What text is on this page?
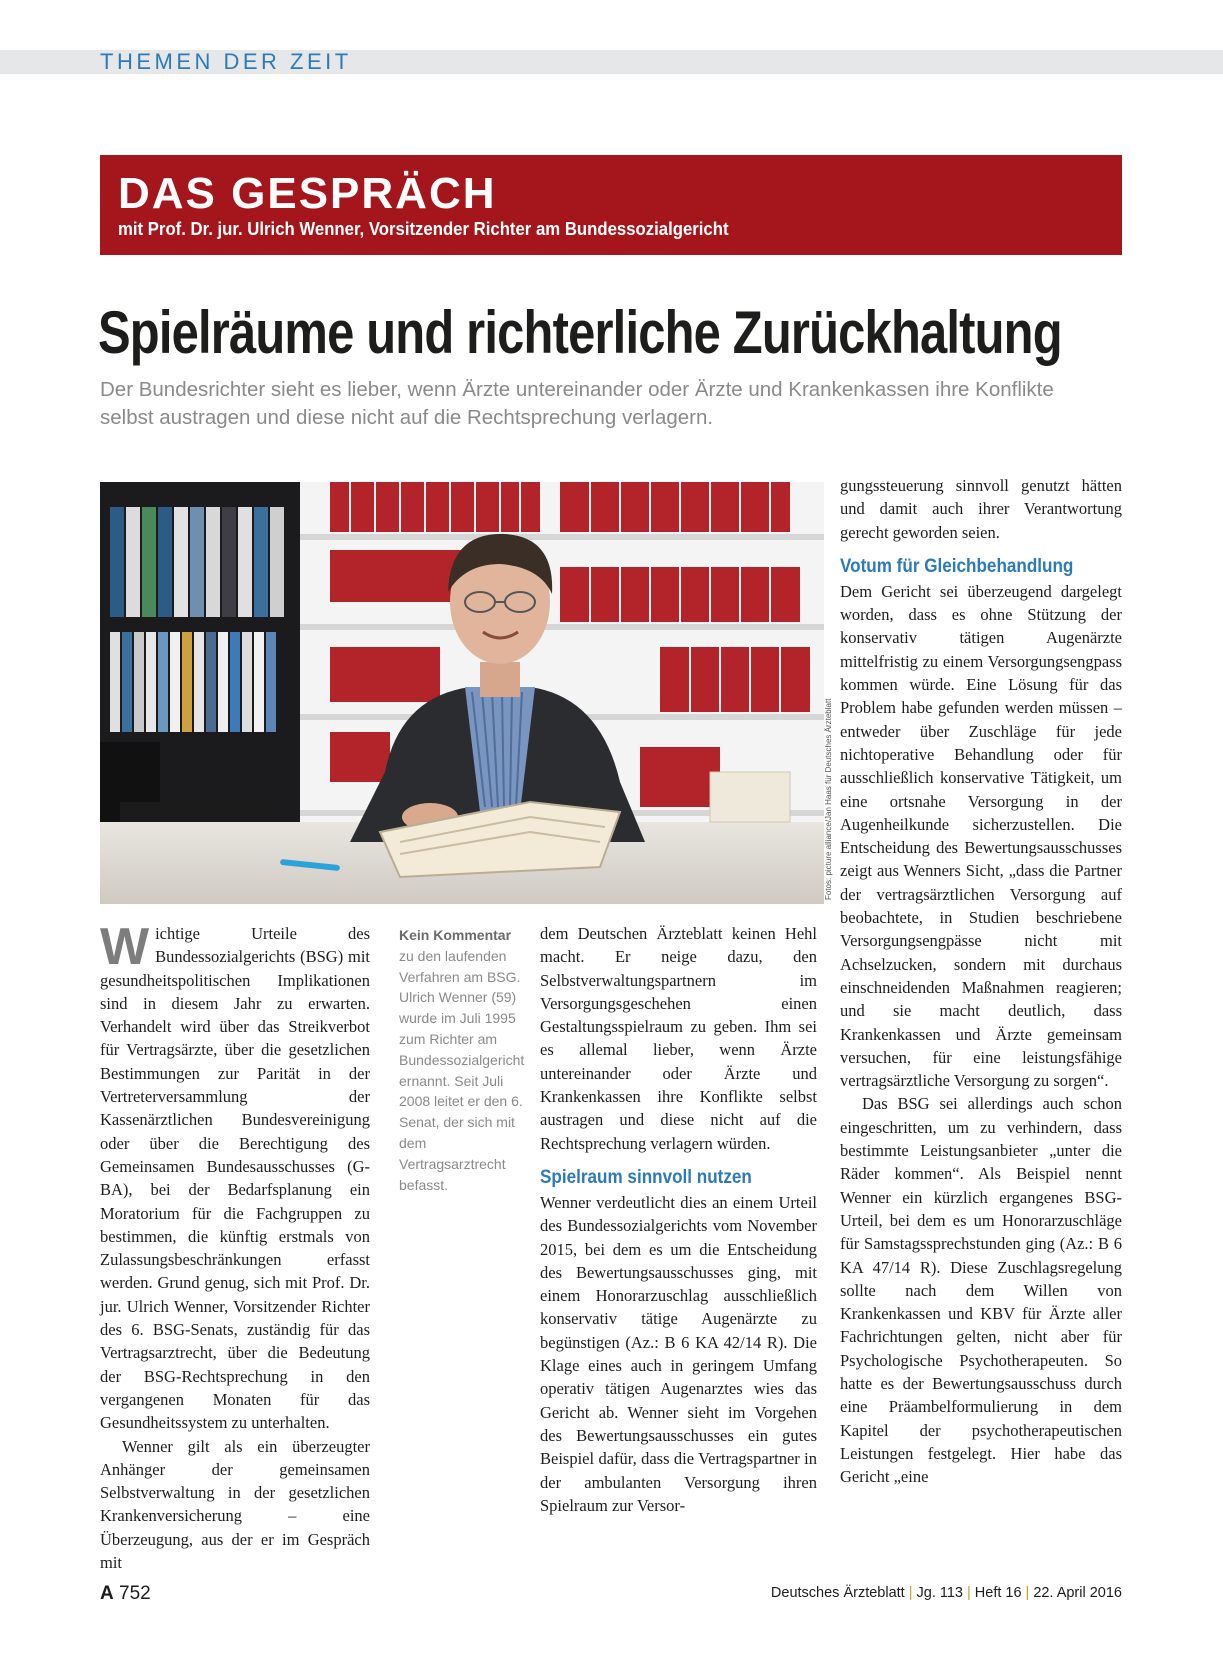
THEMEN DER ZEIT
DAS GESPRÄCH
mit Prof. Dr. jur. Ulrich Wenner, Vorsitzender Richter am Bundessozialgericht
Spielräume und richterliche Zurückhaltung
Der Bundesrichter sieht es lieber, wenn Ärzte untereinander oder Ärzte und Krankenkassen ihre Konflikte selbst austragen und diese nicht auf die Rechtsprechung verlagern.
Fotos: picture alliance/Jan Haas für Deutsches Ärzteblatt

W ichtige Urteile des Bundessozialgerichts (BSG) mit gesundheitspolitischen Implikationen sind in diesem Jahr zu erwarten. Verhandelt wird über das Streikverbot für Vertragsärzte, über die gesetzlichen Bestimmungen zur Parität in der Vertreterversammlung der Kassenärztlichen Bundesvereinigung oder über die Berechtigung des Gemeinsamen Bundesausschusses (G-BA), bei der Bedarfsplanung ein Moratorium für die Fachgruppen zu bestimmen, die künftig erstmals von Zulassungsbeschränkungen erfasst werden. Grund genug, sich mit Prof. Dr. jur. Ulrich Wenner, Vorsitzender Richter des 6. BSG-Senats, zuständig für das Vertragsarztrecht, über die Bedeutung der BSG-Rechtsprechung in den vergangenen Monaten für das Gesundheitssystem zu unterhalten.

Wenner gilt als ein überzeugter Anhänger der gemeinsamen Selbstverwaltung in der gesetzlichen Krankenversicherung – eine Überzeugung, aus der er im Gespräch mit

Kein Kommentar
zu den laufenden Verfahren am BSG. Ulrich Wenner (59) wurde im Juli 1995 zum Richter am Bundessozialgericht ernannt. Seit Juli 2008 leitet er den 6. Senat, der sich mit dem Vertragsarztrecht befasst.

dem Deutschen Ärzteblatt keinen Hehl macht. Er neige dazu, den Selbstverwaltungspartnern im Versorgungsgeschehen einen Gestaltungsspielraum zu geben. Ihm sei es allemal lieber, wenn Ärzte untereinander oder Ärzte und Krankenkassen ihre Konflikte selbst austragen und diese nicht auf die Rechtsprechung verlagern würden.

Spielraum sinnvoll nutzen

Wenner verdeutlicht dies an einem Urteil des Bundessozialgerichts vom November 2015, bei dem es um die Entscheidung des Bewertungsausschusses ging, mit einem Honorarzuschlag ausschließlich konservativ tätige Augenärzte zu begünstigen (Az.: B 6 KA 42/14 R). Die Klage eines auch in geringem Umfang operativ tätigen Augenarztes wies das Gericht ab. Wenner sieht im Vorgehen des Bewertungsausschusses ein gutes Beispiel dafür, dass die Vertragspartner in der ambulanten Versorgung ihren Spielraum zur Versor-

gungssteuerung sinnvoll genutzt hätten und damit auch ihrer Verantwortung gerecht geworden seien.

Votum für Gleichbehandlung

Dem Gericht sei überzeugend dargelegt worden, dass es ohne Stützung der konservativ tätigen Augenärzte mittelfristig zu einem Versorgungsengpass kommen würde. Eine Lösung für das Problem habe gefunden werden müssen – entweder über Zuschläge für jede nichtoperative Behandlung oder für ausschließlich konservative Tätigkeit, um eine ortsnahe Versorgung in der Augenheilkunde sicherzustellen. Die Entscheidung des Bewertungsausschusses zeigt aus Wenners Sicht, „dass die Partner der vertragsärztlichen Versorgung auf beobachtete, in Studien beschriebene Versorgungsengpässe nicht mit Achselzucken, sondern mit durchaus einschneidenden Maßnahmen reagieren; und sie macht deutlich, dass Krankenkassen und Ärzte gemeinsam versuchen, für eine leistungsfähige vertragsärztliche Versorgung zu sorgen“.

Das BSG sei allerdings auch schon eingeschritten, um zu verhindern, dass bestimmte Leistungsanbieter „unter die Räder kommen“. Als Beispiel nennt Wenner ein kürzlich ergangenes BSG-Urteil, bei dem es um Honorarzuschläge für Samstagssprechstunden ging (Az.: B 6 KA 47/14 R). Diese Zuschlagsregelung sollte nach dem Willen von Krankenkassen und KBV für Ärzte aller Fachrichtungen gelten, nicht aber für Psychologische Psychotherapeuten. So hatte es der Bewertungsausschuss durch eine Präambelformulierung in dem Kapitel der psychotherapeutischen Leistungen festgelegt. Hier habe das Gericht „eine

A 752	Deutsches Ärzteblatt | Jg. 113 | Heft 16 | 22. April 2016
